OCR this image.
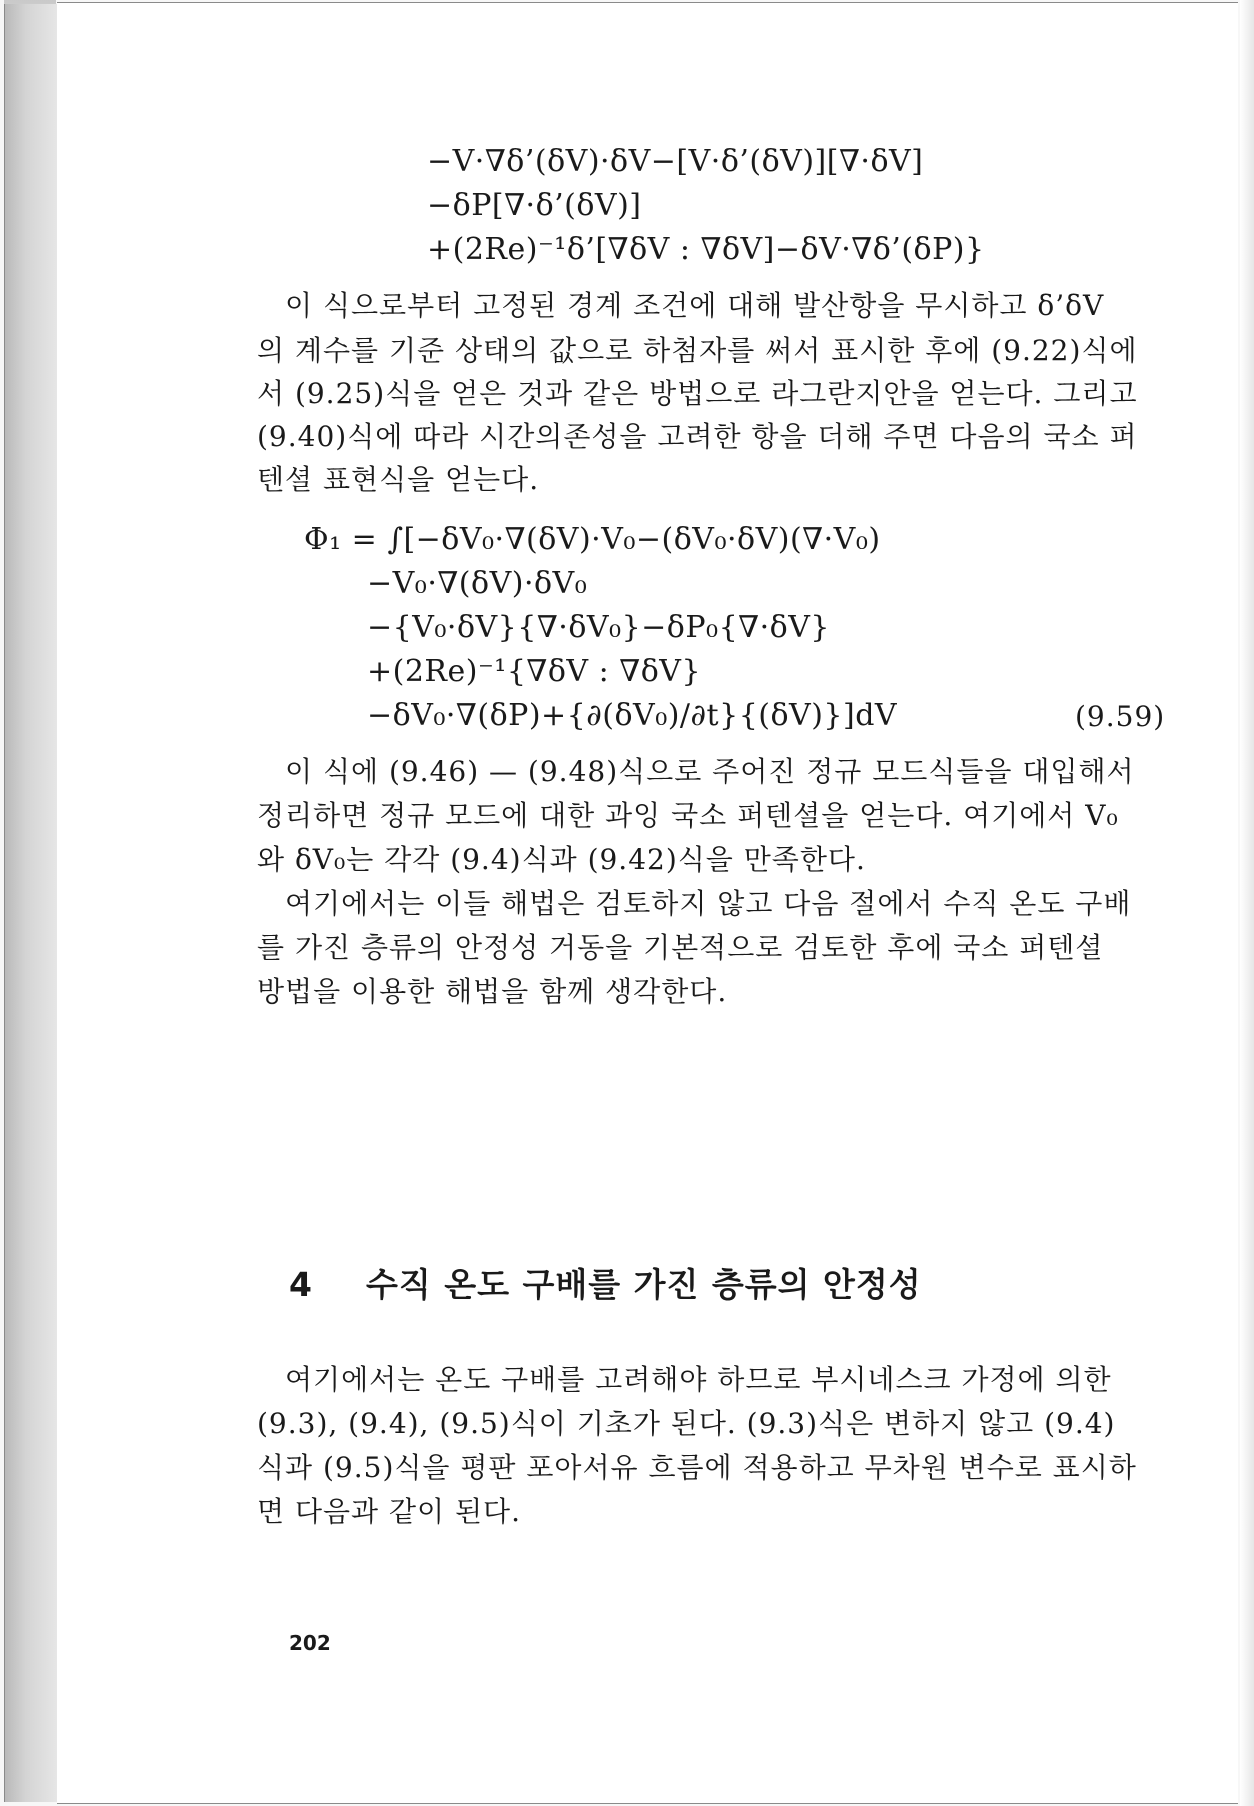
−V·∇δ’(δV)·δV−[V·δ’(δV)][∇·δV]
−δP[∇·δ’(δV)]
+(2Re)⁻¹δ’[∇δV : ∇δV]−δV·∇δ’(δP)}
이 식으로부터 고정된 경계 조건에 대해 발산항을 무시하고 δ’δV
의 계수를 기준 상태의 값으로 하첨자를 써서 표시한 후에 (9.22)식에
서 (9.25)식을 얻은 것과 같은 방법으로 라그란지안을 얻는다. 그리고
(9.40)식에 따라 시간의존성을 고려한 항을 더해 주면 다음의 국소 퍼
텐셜 표현식을 얻는다.
Φ₁ = ∫[−δV₀·∇(δV)·V₀−(δV₀·δV)(∇·V₀)
−V₀·∇(δV)·δV₀
−{V₀·δV}{∇·δV₀}−δP₀{∇·δV}
+(2Re)⁻¹{∇δV : ∇δV}
−δV₀·∇(δP)+{∂(δV₀)/∂t}{(δV)}]dV	(9.59)
이 식에 (9.46) — (9.48)식으로 주어진 정규 모드식들을 대입해서
정리하면 정규 모드에 대한 과잉 국소 퍼텐셜을 얻는다. 여기에서 V₀
와 δV₀는 각각 (9.4)식과 (9.42)식을 만족한다.
여기에서는 이들 해법은 검토하지 않고 다음 절에서 수직 온도 구배
를 가진 층류의 안정성 거동을 기본적으로 검토한 후에 국소 퍼텐셜
방법을 이용한 해법을 함께 생각한다.
4 수직 온도 구배를 가진 층류의 안정성
여기에서는 온도 구배를 고려해야 하므로 부시네스크 가정에 의한
(9.3), (9.4), (9.5)식이 기초가 된다. (9.3)식은 변하지 않고 (9.4)
식과 (9.5)식을 평판 포아서유 흐름에 적용하고 무차원 변수로 표시하
면 다음과 같이 된다.
202
